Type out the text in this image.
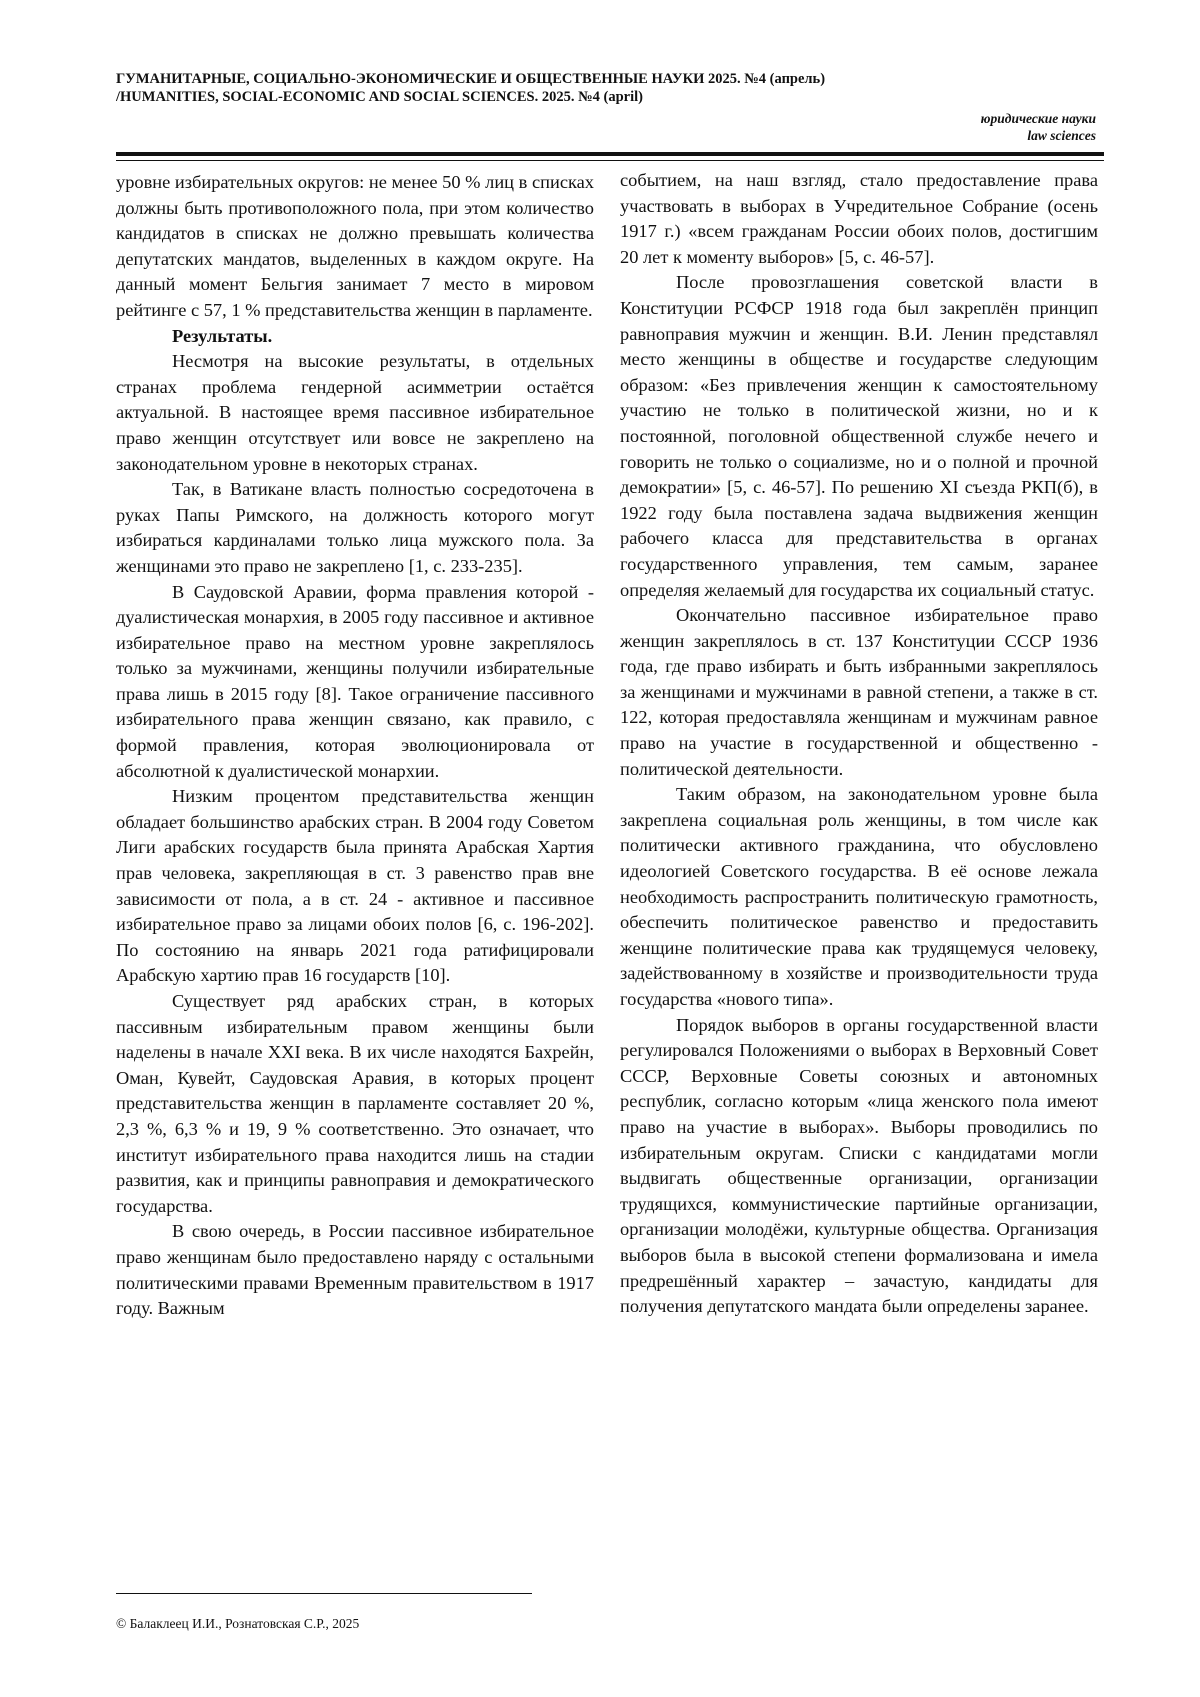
ГУМАНИТАРНЫЕ, СОЦИАЛЬНО-ЭКОНОМИЧЕСКИЕ И ОБЩЕСТВЕННЫЕ НАУКИ 2025. №4 (апрель)
/HUMANITIES, SOCIAL-ECONOMIC AND SOCIAL SCIENCES. 2025. №4 (april)
юридические науки
law sciences

уровне избирательных округов: не менее 50 % лиц в списках должны быть противоположного пола, при этом количество кандидатов в списках не должно превышать количества депутатских мандатов, выделенных в каждом округе. На данный момент Бельгия занимает 7 место в мировом рейтинге с 57, 1 % представительства женщин в парламенте.

Результаты.

Несмотря на высокие результаты, в отдельных странах проблема гендерной асимметрии остаётся актуальной. В настоящее время пассивное избирательное право женщин отсутствует или вовсе не закреплено на законодательном уровне в некоторых странах.

Так, в Ватикане власть полностью сосредоточена в руках Папы Римского, на должность которого могут избираться кардиналами только лица мужского пола. За женщинами это право не закреплено [1, с. 233-235].

В Саудовской Аравии, форма правления которой - дуалистическая монархия, в 2005 году пассивное и активное избирательное право на местном уровне закреплялось только за мужчинами, женщины получили избирательные права лишь в 2015 году [8]. Такое ограничение пассивного избирательного права женщин связано, как правило, с формой правления, которая эволюционировала от абсолютной к дуалистической монархии.

Низким процентом представительства женщин обладает большинство арабских стран. В 2004 году Советом Лиги арабских государств была принята Арабская Хартия прав человека, закрепляющая в ст. 3 равенство прав вне зависимости от пола, а в ст. 24 - активное и пассивное избирательное право за лицами обоих полов [6, с. 196-202]. По состоянию на январь 2021 года ратифицировали Арабскую хартию прав 16 государств [10].

Существует ряд арабских стран, в которых пассивным избирательным правом женщины были наделены в начале XXI века. В их числе находятся Бахрейн, Оман, Кувейт, Саудовская Аравия, в которых процент представительства женщин в парламенте составляет 20 %, 2,3 %, 6,3 % и 19, 9 % соответственно. Это означает, что институт избирательного права находится лишь на стадии развития, как и принципы равноправия и демократического государства.

В свою очередь, в России пассивное избирательное право женщинам было предоставлено наряду с остальными политическими правами Временным правительством в 1917 году. Важным

событием, на наш взгляд, стало предоставление права участвовать в выборах в Учредительное Собрание (осень 1917 г.) «всем гражданам России обоих полов, достигшим 20 лет к моменту выборов» [5, с. 46-57].

После провозглашения советской власти в Конституции РСФСР 1918 года был закреплён принцип равноправия мужчин и женщин. В.И. Ленин представлял место женщины в обществе и государстве следующим образом: «Без привлечения женщин к самостоятельному участию не только в политической жизни, но и к постоянной, поголовной общественной службе нечего и говорить не только о социализме, но и о полной и прочной демократии» [5, с. 46-57]. По решению XI съезда РКП(б), в 1922 году была поставлена задача выдвижения женщин рабочего класса для представительства в органах государственного управления, тем самым, заранее определяя желаемый для государства их социальный статус.

Окончательно пассивное избирательное право женщин закреплялось в ст. 137 Конституции СССР 1936 года, где право избирать и быть избранными закреплялось за женщинами и мужчинами в равной степени, а также в ст. 122, которая предоставляла женщинам и мужчинам равное право на участие в государственной и общественно - политической деятельности.

Таким образом, на законодательном уровне была закреплена социальная роль женщины, в том числе как политически активного гражданина, что обусловлено идеологией Советского государства. В её основе лежала необходимость распространить политическую грамотность, обеспечить политическое равенство и предоставить женщине политические права как трудящемуся человеку, задействованному в хозяйстве и производительности труда государства «нового типа».

Порядок выборов в органы государственной власти регулировался Положениями о выборах в Верховный Совет СССР, Верховные Советы союзных и автономных республик, согласно которым «лица женского пола имеют право на участие в выборах». Выборы проводились по избирательным округам. Списки с кандидатами могли выдвигать общественные организации, организации трудящихся, коммунистические партийные организации, организации молодёжи, культурные общества. Организация выборов была в высокой степени формализована и имела предрешённый характер – зачастую, кандидаты для получения депутатского мандата были определены заранее.

© Балаклеец И.И., Рознатовская С.Р., 2025
